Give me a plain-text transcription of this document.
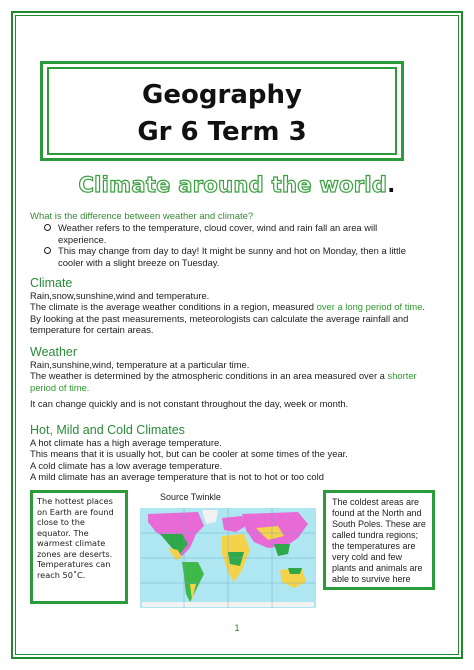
Geography
Gr 6 Term 3
Climate around the world.
What is the difference between weather and climate?
Weather refers to the temperature, cloud cover, wind and rain fall an area will experience.
This may change from day to day! It might be sunny and hot on Monday, then a little cooler with a slight breeze on Tuesday.
Climate
Rain,snow,sunshine,wind and temperature.
The climate is the average weather conditions in a region, measured over a long period of time. By looking at the past measurements, meteorologists can calculate the average rainfall and temperature for certain areas.
Weather
Rain,sunshine,wind, temperature at a particular time.
The weather is determined by the atmospheric conditions in an area measured over a shorter period of time.
It can change quickly and is not constant throughout the day, week or month.
Hot, Mild and Cold Climates
A hot climate has a high average temperature.
This means that it is usually hot, but can be cooler at some times of the year.
A cold climate has a low average temperature.
A mild climate has an average temperature that is not to hot or too cold
The hottest places on Earth are found close to the equator. The warmest climate zones are deserts. Temperatures can reach 50˚C.
Source Twinkle	The coldest areas are found at the North and South Poles. These are called tundra regions; the temperatures are very cold and few plants and animals are able to survive here
1
